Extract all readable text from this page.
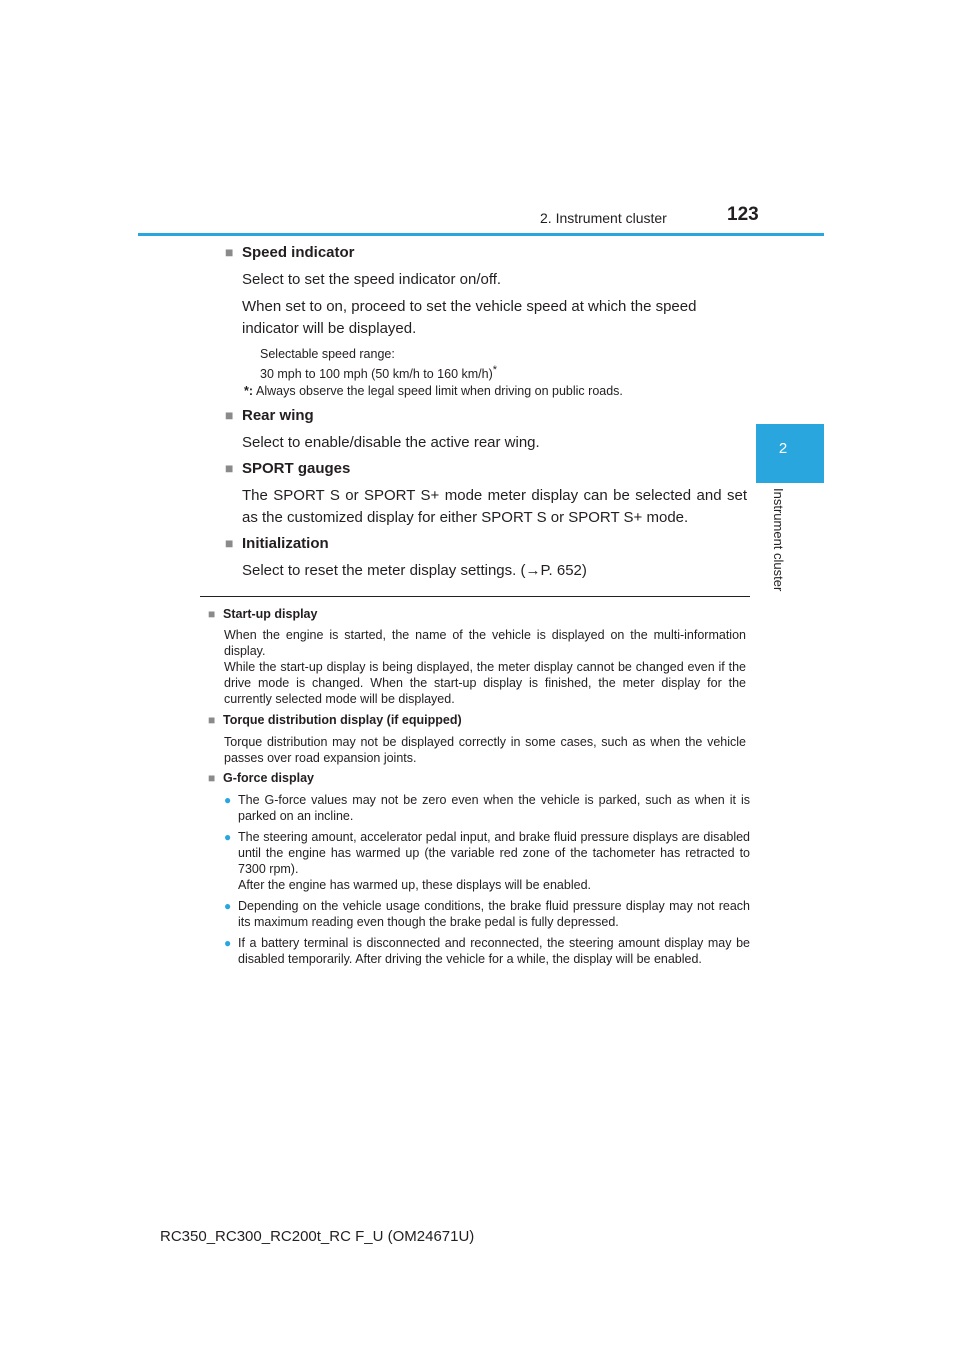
2. Instrument cluster	123
2
Instrument cluster
■ Speed indicator
Select to set the speed indicator on/off.
When set to on, proceed to set the vehicle speed at which the speed indicator will be displayed.
Selectable speed range:
30 mph to 100 mph (50 km/h to 160 km/h)*
*: Always observe the legal speed limit when driving on public roads.
■ Rear wing
Select to enable/disable the active rear wing.
■ SPORT gauges
The SPORT S or SPORT S+ mode meter display can be selected and set as the customized display for either SPORT S or SPORT S+ mode.
■ Initialization
Select to reset the meter display settings. (→P. 652)
■ Start-up display
When the engine is started, the name of the vehicle is displayed on the multi-information display.
While the start-up display is being displayed, the meter display cannot be changed even if the drive mode is changed. When the start-up display is finished, the meter display for the currently selected mode will be displayed.
■ Torque distribution display (if equipped)
Torque distribution may not be displayed correctly in some cases, such as when the vehicle passes over road expansion joints.
■ G-force display
● The G-force values may not be zero even when the vehicle is parked, such as when it is parked on an incline.
● The steering amount, accelerator pedal input, and brake fluid pressure displays are disabled until the engine has warmed up (the variable red zone of the tachometer has retracted to 7300 rpm).
After the engine has warmed up, these displays will be enabled.
● Depending on the vehicle usage conditions, the brake fluid pressure display may not reach its maximum reading even though the brake pedal is fully depressed.
● If a battery terminal is disconnected and reconnected, the steering amount display may be disabled temporarily. After driving the vehicle for a while, the display will be enabled.
RC350_RC300_RC200t_RC F_U (OM24671U)
